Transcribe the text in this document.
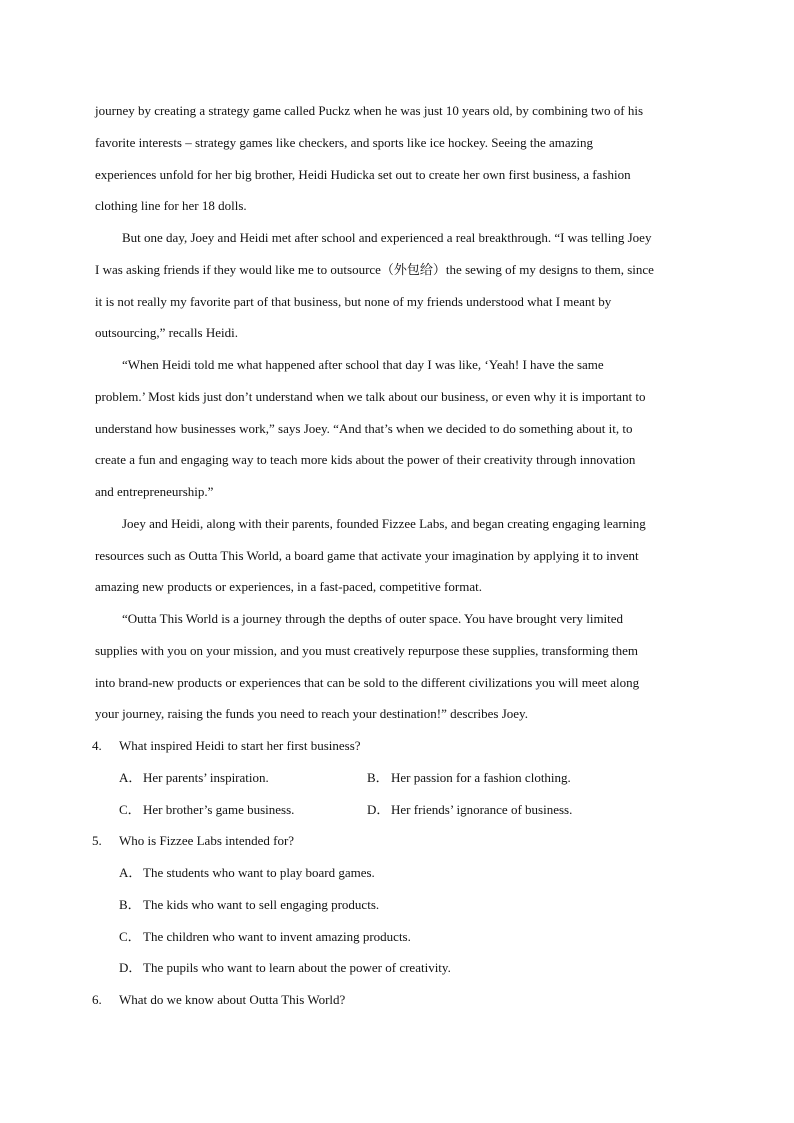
journey by creating a strategy game called Puckz when he was just 10 years old, by combining two of his
favorite interests – strategy games like checkers, and sports like ice hockey. Seeing the amazing
experiences unfold for her big brother, Heidi Hudicka set out to create her own first business, a fashion
clothing line for her 18 dolls.
But one day, Joey and Heidi met after school and experienced a real breakthrough. “I was telling Joey
I was asking friends if they would like me to outsource（外包给）the sewing of my designs to them, since
it is not really my favorite part of that business, but none of my friends understood what I meant by
outsourcing,” recalls Heidi.
“When Heidi told me what happened after school that day I was like, ‘Yeah! I have the same
problem.’ Most kids just don’t understand when we talk about our business, or even why it is important to
understand how businesses work,” says Joey. “And that’s when we decided to do something about it, to
create a fun and engaging way to teach more kids about the power of their creativity through innovation
and entrepreneurship.”
Joey and Heidi, along with their parents, founded Fizzee Labs, and began creating engaging learning
resources such as Outta This World, a board game that activate your imagination by applying it to invent
amazing new products or experiences, in a fast-paced, competitive format.
“Outta This World is a journey through the depths of outer space. You have brought very limited
supplies with you on your mission, and you must creatively repurpose these supplies, transforming them
into brand-new products or experiences that can be sold to the different civilizations you will meet along
your journey, raising the funds you need to reach your destination!” describes Joey.
4. What inspired Heidi to start her first business?
A． Her parents’ inspiration.	B． Her passion for a fashion clothing.
C． Her brother’s game business.	D． Her friends’ ignorance of business.
5. Who is Fizzee Labs intended for?
A． The students who want to play board games.
B． The kids who want to sell engaging products.
C． The children who want to invent amazing products.
D． The pupils who want to learn about the power of creativity.
6. What do we know about Outta This World?
